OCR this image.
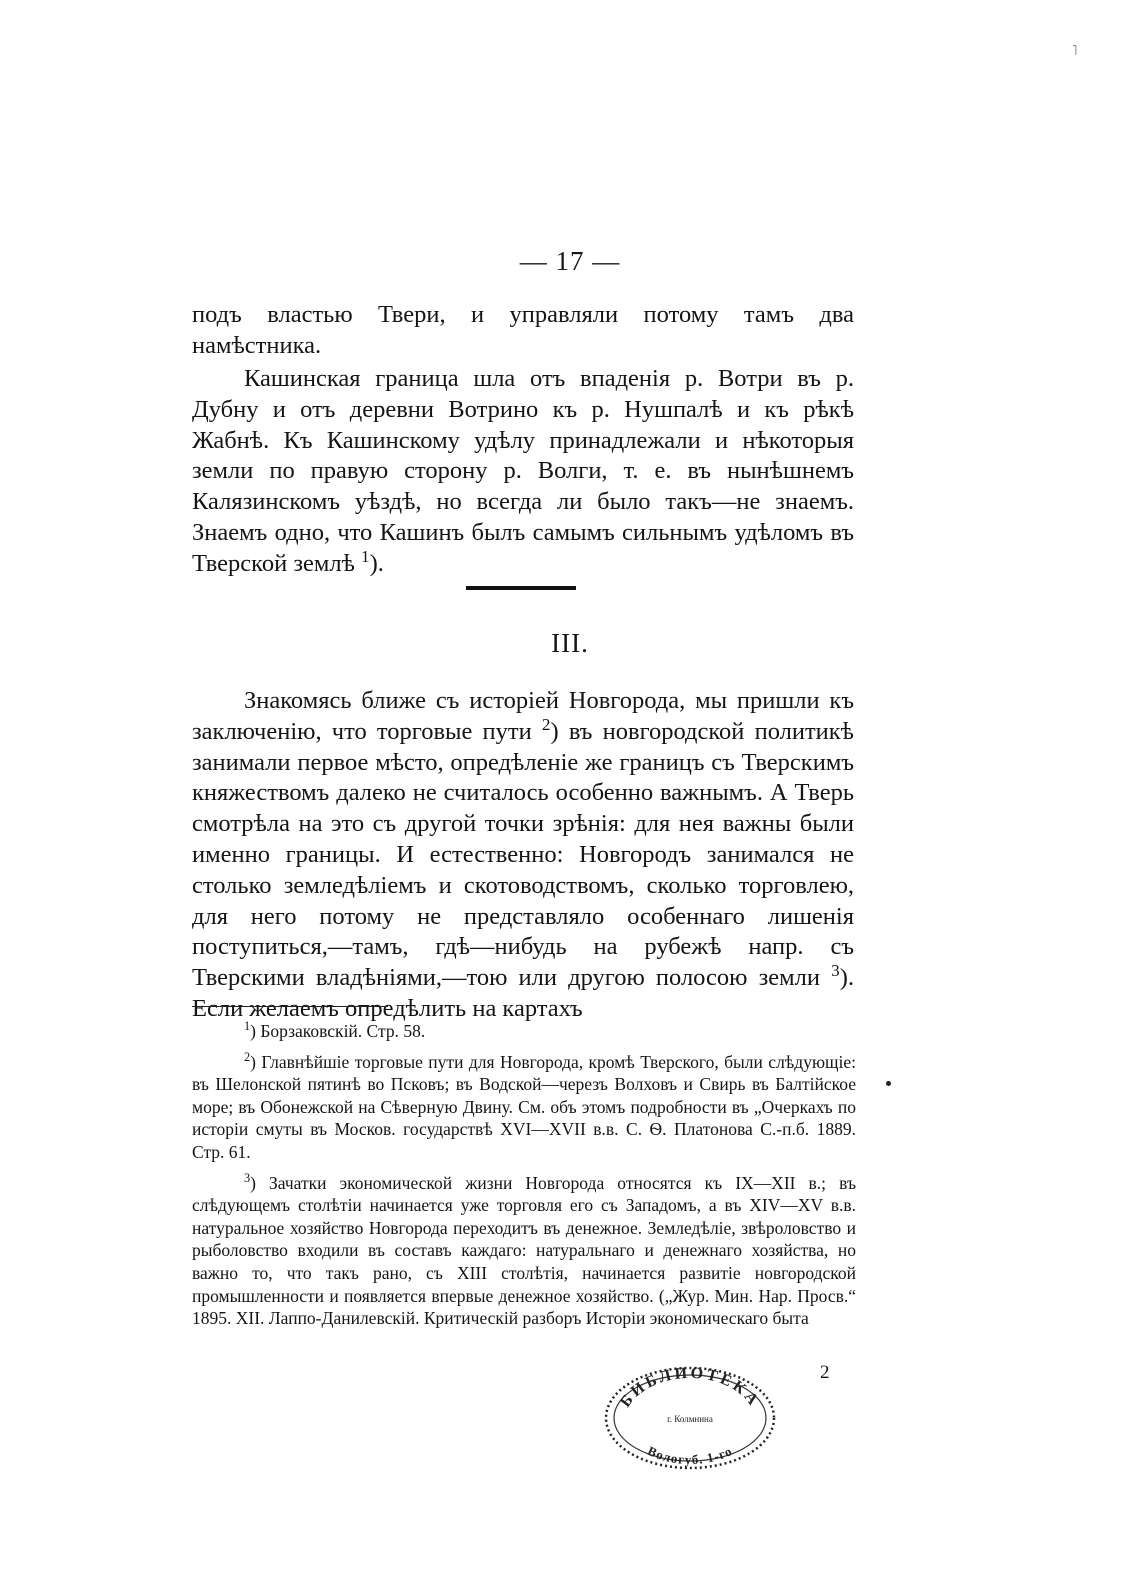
˥
— 17 —

подъ властью Твери, и управляли потому тамъ два намѣстника.

Кашинская граница шла отъ впаденія р. Вотри въ р. Дубну и отъ деревни Вотрино къ р. Нушпалѣ и къ рѣкѣ Жабнѣ. Къ Кашинскому удѣлу принадлежали и нѣкоторыя земли по правую сторону р. Волги, т. е. въ нынѣшнемъ Калязинскомъ уѣздѣ, но всегда ли было такъ—не знаемъ. Знаемъ одно, что Кашинъ былъ самымъ сильнымъ удѣломъ въ Тверской землѣ $^1$).

III.

Знакомясь ближе съ исторіей Новгорода, мы пришли къ заключенію, что торговые пути $^2$) въ новгородской политикѣ занимали первое мѣсто, опредѣленіе же границъ съ Тверскимъ княжествомъ далеко не считалось особенно важнымъ. А Тверь смотрѣла на это съ другой точки зрѣнія: для нея важны были именно границы. И естественно: Новгородъ занимался не столько земледѣліемъ и скотоводствомъ, сколько торговлею, для него потому не представляло особеннаго лишенія поступиться,—тамъ, гдѣ—нибудь на рубежѣ напр. съ Тверскими владѣніями,—тою или другою полосою земли $^3$). Если желаемъ опредѣлить на картахъ

$^1$) Борзаковскій. Стр. 58.

$^2$) Главнѣйшіе торговые пути для Новгорода, кромѣ Тверского, были слѣдующіе: въ Шелонской пятинѣ во Псковъ; въ Водской—черезъ Волховъ и Свирь въ Балтійское море; въ Обонежской на Сѣверную Двину. См. объ этомъ подробности въ „Очеркахъ по исторіи смуты въ Москов. государствѣ XVI—XVII в.в. С. Ѳ. Платонова С.-п.б. 1889. Стр. 61.

$^3$) Зачатки экономической жизни Новгорода относятся къ IX—XII в.; въ слѣдующемъ столѣтіи начинается уже торговля его съ Западомъ, а въ XIV—XV в.в. натуральное хозяйство Новгорода переходитъ въ денежное. Земледѣліе, звѣроловство и рыболовство входили въ составъ каждаго: натуральнаго и денежнаго хозяйства, но важно то, что такъ рано, съ XIII столѣтія, начинается развитіе новгородской промышленности и появляется впервые денежное хозяйство. („Жур. Мин. Нар. Просв.“ 1895. XII. Лаппо-Данилевскій. Критическій разборъ Исторіи экономическаго быта

2
БИБЛИОТЕКА
г. Колмнина
Вологуб. 1-го
